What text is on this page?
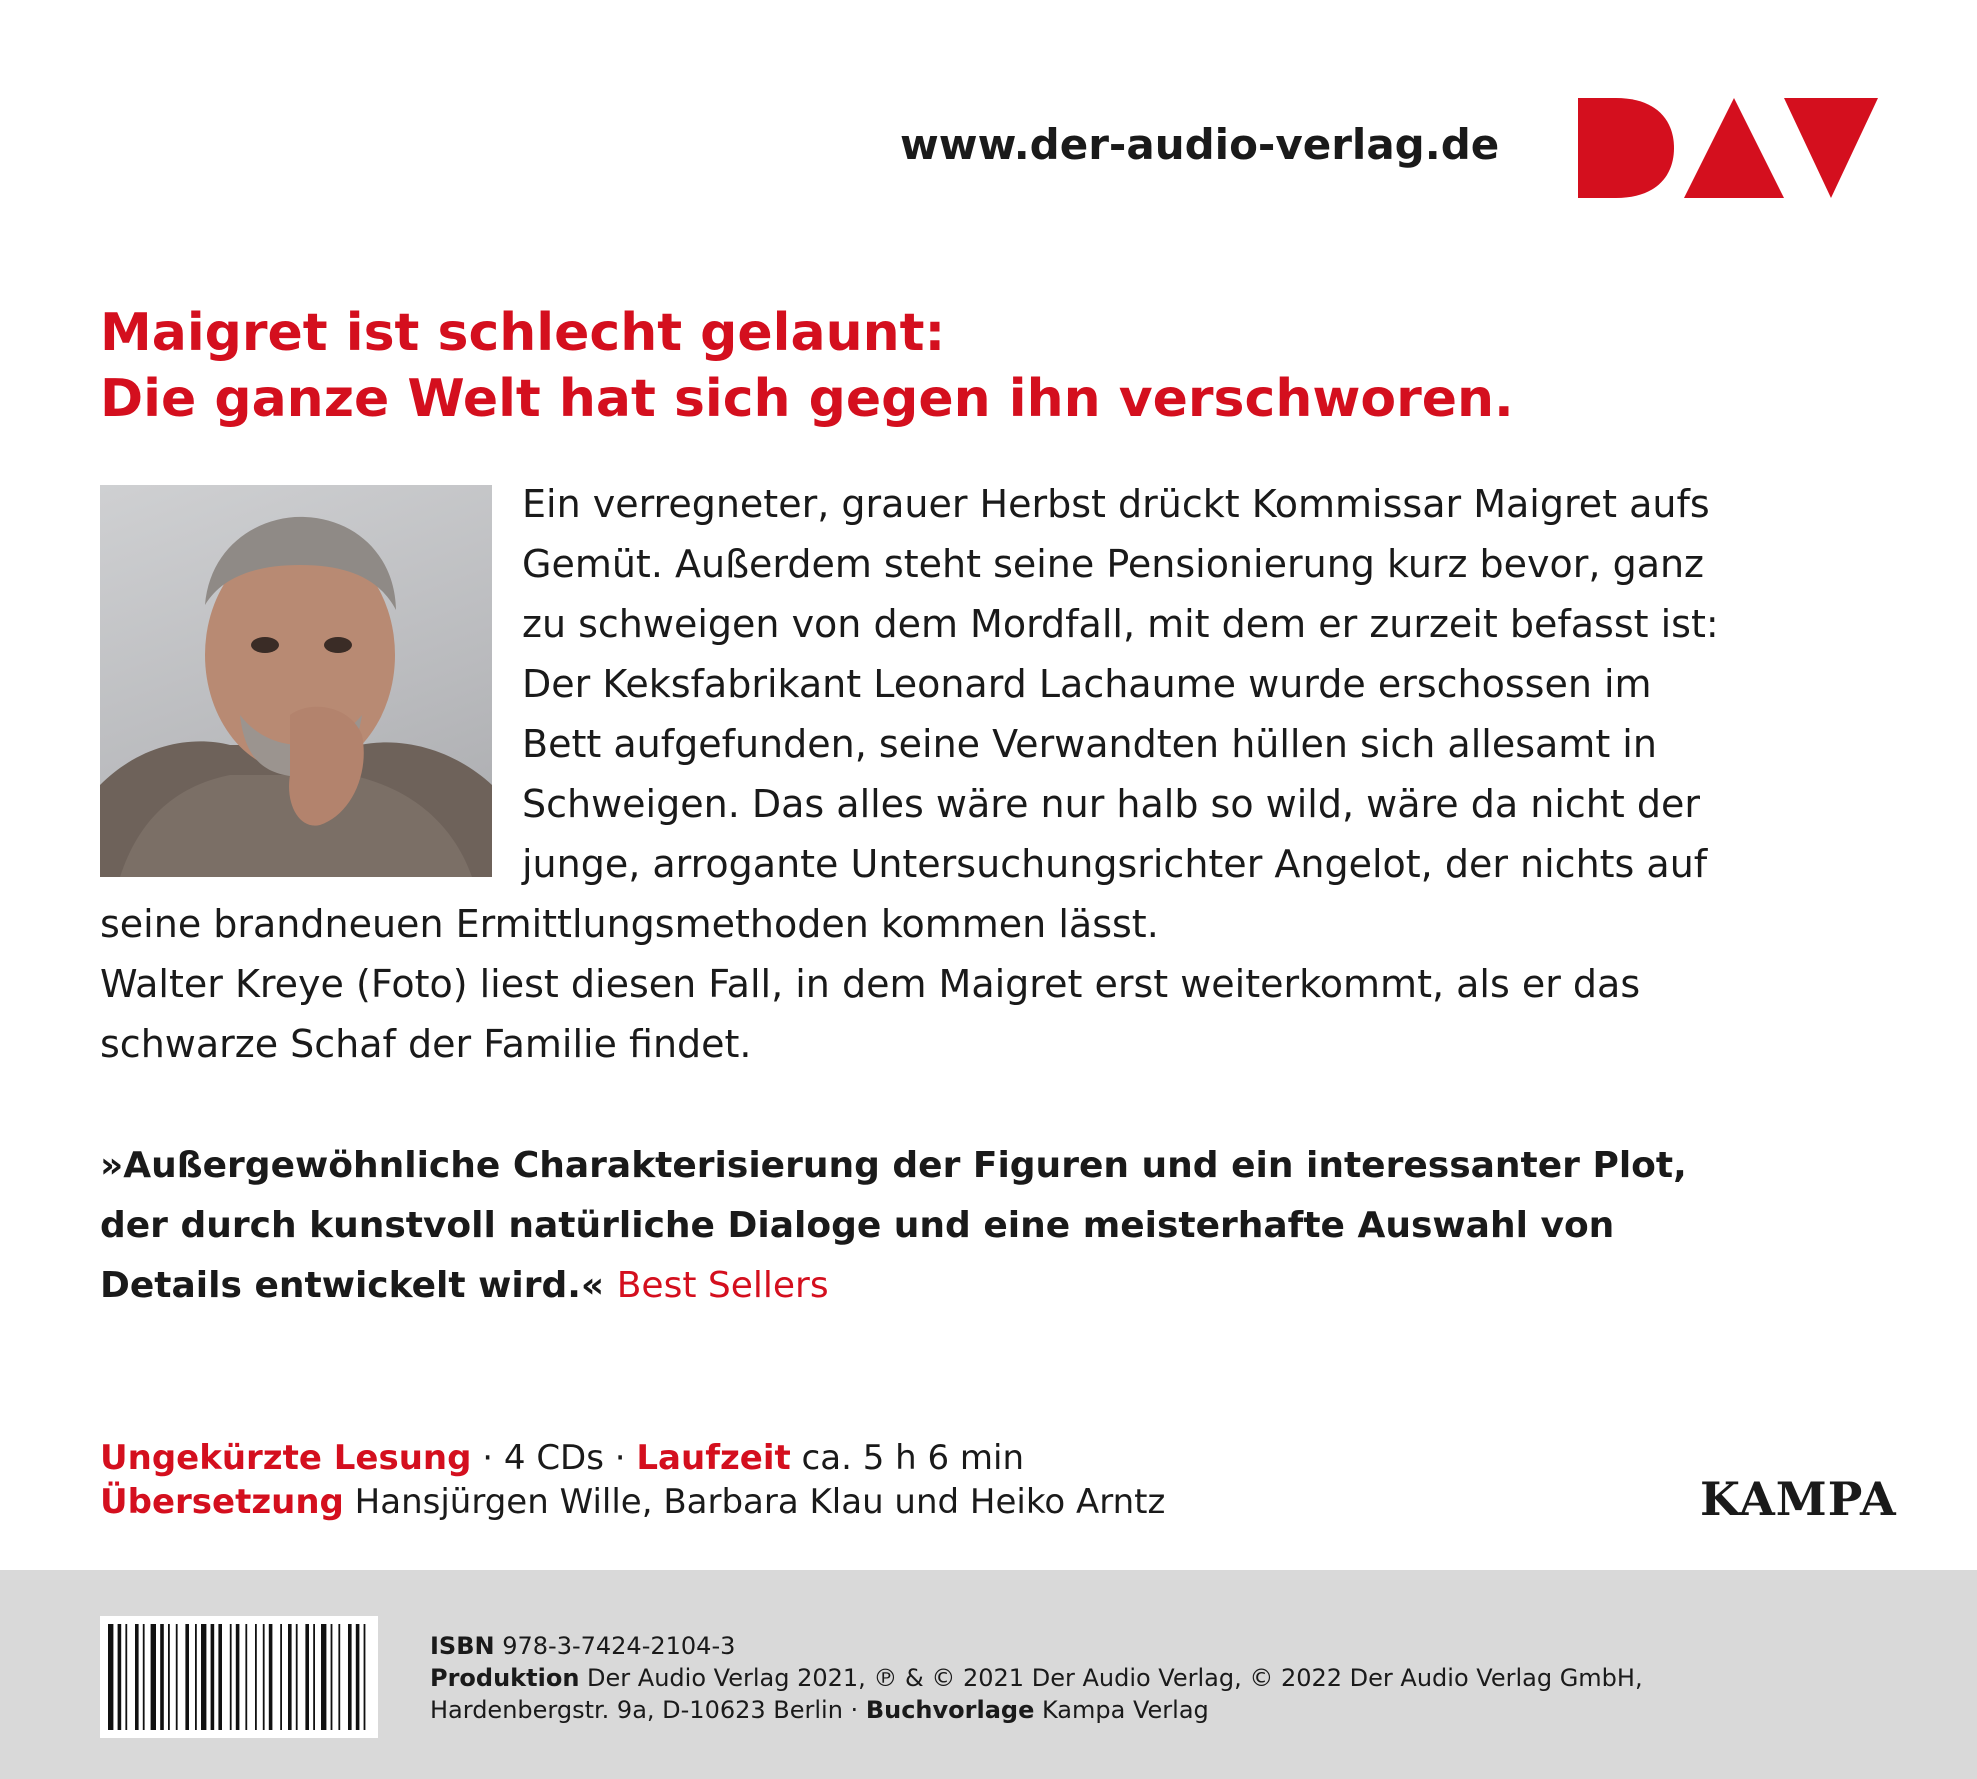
www.der-audio-verlag.de
Maigret ist schlecht gelaunt:
Die ganze Welt hat sich gegen ihn verschworen.
Ein verregneter, grauer Herbst drückt Kommissar Maigret aufs
Gemüt. Außerdem steht seine Pensionierung kurz bevor, ganz
zu schweigen von dem Mordfall, mit dem er zurzeit befasst ist:
Der Keksfabrikant Leonard Lachaume wurde erschossen im
Bett aufgefunden, seine Verwandten hüllen sich allesamt in
Schweigen. Das alles wäre nur halb so wild, wäre da nicht der
junge, arrogante Untersuchungsrichter Angelot, der nichts auf
seine brandneuen Ermittlungsmethoden kommen lässt.
Walter Kreye (Foto) liest diesen Fall, in dem Maigret erst weiterkommt, als er das
schwarze Schaf der Familie findet.
»Außergewöhnliche Charakterisierung der Figuren und ein interessanter Plot,
der durch kunstvoll natürliche Dialoge und eine meisterhafte Auswahl von
Details entwickelt wird.« Best Sellers
Ungekürzte Lesung · 4 CDs · Laufzeit ca. 5 h 6 min
Übersetzung Hansjürgen Wille, Barbara Klau und Heiko Arntz	KAMPA
ISBN 978-3-7424-2104-3
Produktion Der Audio Verlag 2021, ℗ & © 2021 Der Audio Verlag, © 2022 Der Audio Verlag GmbH,
Hardenbergstr. 9a, D-10623 Berlin · Buchvorlage Kampa Verlag
